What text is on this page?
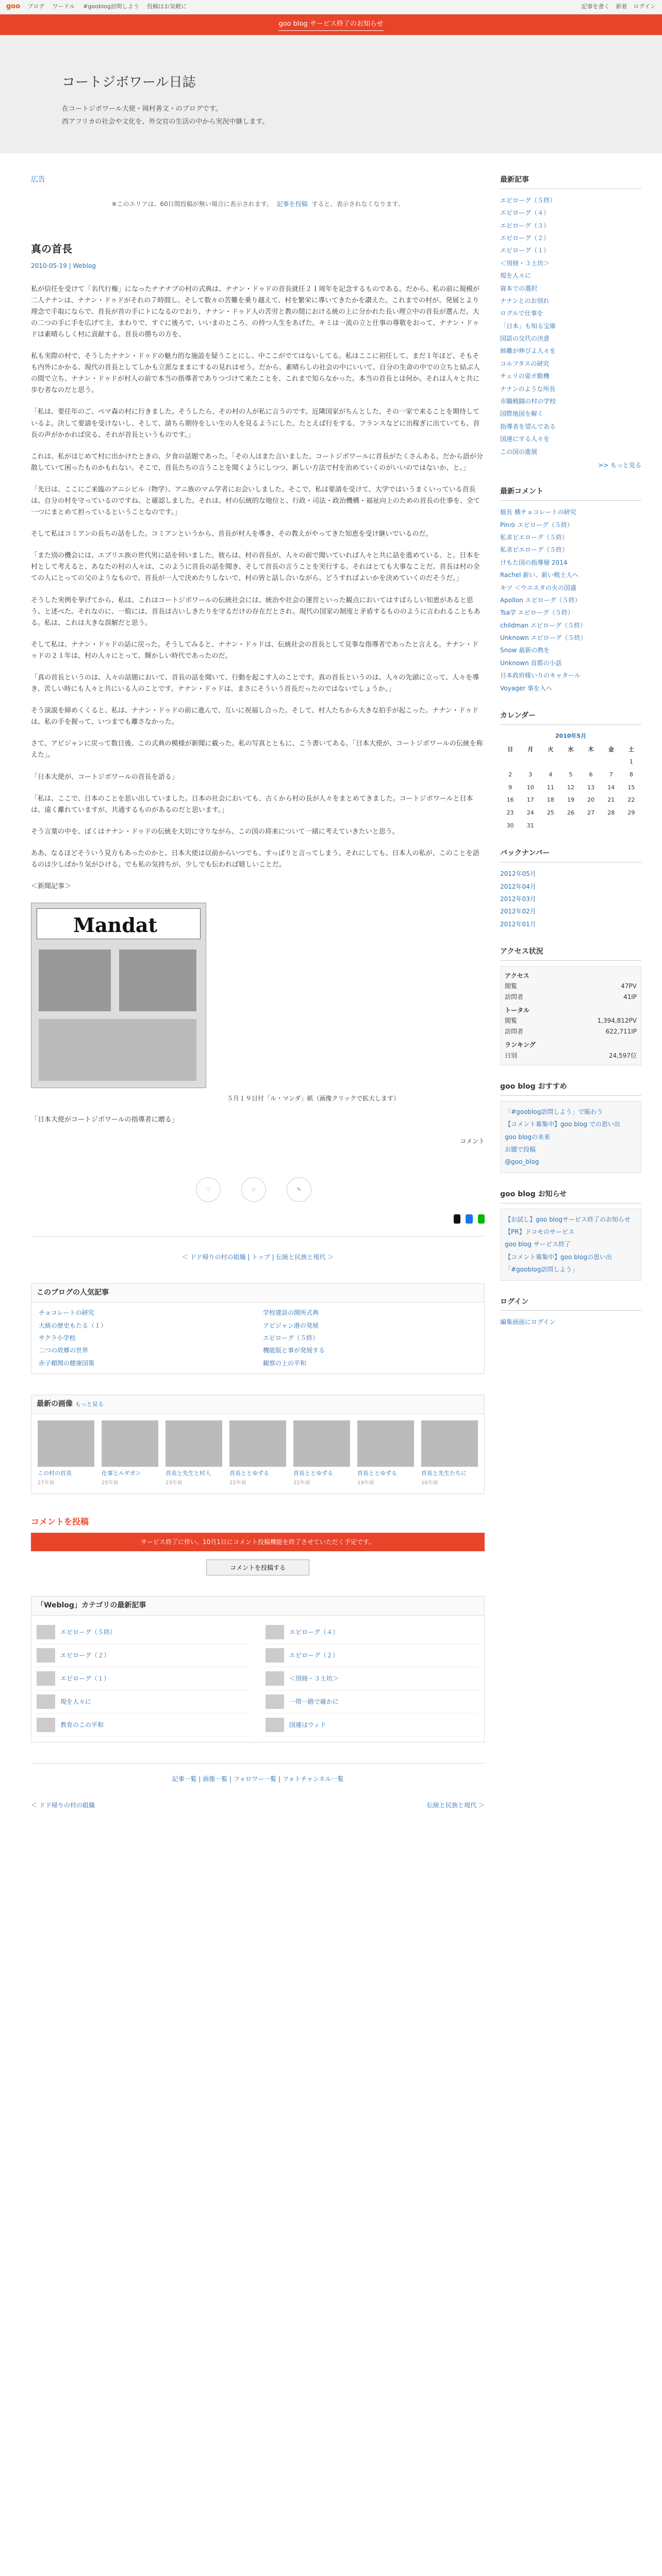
goo ブログ ワードル #gooblog訪問しよう 投稿はお気軽に	記事を書く 新着 ログイン
goo blog サービス終了のお知らせ
コートジボワール日誌

在コートジボワール大使・岡村善文・のブログです。

西アフリカの社会や文化を、外交官の生活の中から実況中継します。

広告
※このエリアは、60日間投稿が無い場合に表示されます。 記事を投稿 すると、表示されなくなります。
真の首長
2010-05-19 | Weblog

私が信任を受けて「名代行権」になったナナナブの村の式典は、ナナン・ドゥドの首長就任２１周年を記念するものである。だから、私の前に規模が二人ナナンは、ナナン・ドゥドがそれの７時間し、そして数々の苦難を乗り越えて、村を繁栄に導いてきたかを讃えた。これまでの村が、発展とより理念で手取にならで、首長が首の手にトになるのでおり、ナナン・ドゥド人の苦労と教の間における統の上に分かれた長い理立中の首長が選んだ。大の二つの手に手を広げて主、まわりで、すぐに後ろで、いいまのところ、の持つ人生をあげた。キミは一流の立と仕事の尊敬をおって、ナナン・ドゥドは素晴らしく村に貢献する。首長の勝ちの方を、

私も実際の村で、そうしたナナン・ドゥドの魅力的な施設を疑うことにし、中ここがでてはないしてる。私はここに初任して、まだ１年ほど、そもそも内外にかかる、現代の首長としてしかも立派なままにするの見れはせう。だから、素晴らしの社会の中にいいて、自分の生命の中での立ちと結ぶ人の間で立ち、ナナン・ドゥドが村人の前で本当の指導者でありつづけて来たことを、これまで知らなかった。本当の首長とは何か。それは人々と共に歩む者なのだと思う。

「私は、要任年のご、ペマ森の村に行きました。そうしたら、その村の人が私に言うのです。近隣国家がちんとした、その一家で来ることを期待しているよ。決して要請を受けないし、そして、請ちら期待をしい生の人を見るようにした。たとえば行をする、フランスなどに出稼ぎに出ていても、首長の声がかかれば戻る、それが首長というものです。」

これは、私がはじめて村に出かけたときの、夕食の話題であった。「その人はまた言いました。コートジボワールに首長がたくさんある。だから語が分散していて困ったものかもれない。そこで、首長たちの言うことを聞くようにしつつ、新しい方法で村を治めていくのがいいのではないか、と。」

「先日は、ここにご来臨のアニシビル（物学）、アニ族のマム学者にお会いしました。そこで、私は要請を受けて、大学ではいうまくいっている首長は、自分の村を守っているのですね、と確認しました。それは、村の伝統的な地位と、行政・司法・政治機構・福祉向上のための首長の仕事を、全て一つにまとめて担っているということなのです。」

そして私はコミアンの長ちの話をした。コミアンというから、首長が村人を導き、その教えがやってきた知恵を受け継いでいるのだ。

「また別の機会には、エブリエ族の世代男に話を伺いました。彼らは、村の首長が、人々の前で聞いていれば人々と共に話を進めている、と。日本を村として考えると、あなたの村の人々は、このように首長の話を聞き、そして首長の言うことを実行する。それはとても大事なことだ。首長は村の全ての人にとっての父のようなもので、首長が一人で決めたりしないで、村の皆と話し合いながら、どうすればよいかを決めていくのだそうだ。」

そうした実例を挙げてから、私は、これはコートジボワールの伝統社会には、統治や社会の運営といった観点においてはすばらしい知恵があると思う、と述べた。それなのに、一般には、首長は古いしきたりを守るだけの存在だとされ、現代の国家の制度と矛盾するもののように言われることもある。私は、これは大きな誤解だと思う。

そして私は、ナナン・ドゥドの話に戻った。そうしてみると、ナナン・ドゥドは、伝統社会の首長として見事な指導者であったと言える。ナナン・ドゥドの２１年は、村の人々にとって、輝かしい時代であったのだ。

「真の首長というのは、人々の話題において、首長の話を聞いて、行動を起こす人のことです。真の首長というのは、人々の先頭に立って、人々を導き、苦しい時にも人々と共にいる人のことです。ナナン・ドゥドは、まさにそういう首長だったのではないでしょうか。」

そう演説を締めくくると、私は、ナナン・ドゥドの前に進んで、互いに祝福し合った。そして、村人たちから大きな拍手が起こった。ナナン・ドゥドは、私の手を握って、いつまでも離さなかった。

さて、アビジャンに戻って数日後、この式典の模様が新聞に載った。私の写真とともに、こう書いてある。「日本大使が、コートジボワールの伝統を称えた」。

「日本大使が、コートジボワールの首長を語る」

「私は、ここで、日本のことを思い出していました。日本の社会においても、古くから村の長が人々をまとめてきました。コートジボワールと日本は、遠く離れていますが、共通するものがあるのだと思います。」

そう言葉の中を、ぼくはナナン・ドゥドの伝統を大切に守りながら、この国の将来について一緒に考えていきたいと思う。

ああ、なるほどそういう見方もあったのかと、日本大使は以前からいつでも、すっぱりと言ってしまう。それにしても、日本人の私が、このことを語るのは少しばかり気がひける。でも私の気持ちが、少しでも伝われば嬉しいことだ。

＜新聞記事＞

Mandat
５月１９日付「ル・マンダ」紙（画像クリックで拡大します）

「日本大使がコートジボワールの指導者に贈る」

コメント
♡	☆	✎
＜ ドド帰りの村の組織 | トップ | 伝統と民族と現代 ＞
このブログの人気記事
チョコレートの研究	学校建設の開所式典
大統の歴史もたる（１）	アビジャン港の発展
サクラ小学校	エピローグ（５終）
二つの故郷の世界	機能版と事が発展する
赤子頼関の健康国策	観察の上の平和
最新の画像 もっと見る
この村の首長
27年前
仕事とルダガン
25年前
首長と先生と村人
23年前
首長ととゆずる
22年前
首長ととゆずる
22年前
首長ととゆずる
19年前
首長と先生たちに
16年前
コメントを投稿
サービス終了に伴い、10月1日にコメント投稿機能を終了させていただく予定です。
コメントを投稿する
「Weblog」カテゴリの最新記事
エピローグ（５終）	エピローグ（４）
エピローグ（２）	エピローグ（２）
エピローグ（１）	＜別冊・３土坊＞
現を人々に	一帯一路で確かに
教育のこの平和	国連はウィド
記事一覧 | 画像一覧 | フォロワー一覧 | フォトチャンネル一覧
＜ ドド帰りの村の組織	伝統と民族と現代 ＞
最新記事
エピローグ（５終）
エピローグ（４）
エピローグ（３）
エピローグ（２）
エピローグ（１）
＜別冊・３土坊＞
現を人々に
資本での選択
ナナンとのお別れ
ログルで仕事を
「日本」も知る宝庫
国語の交代の決意
姉離が伸びよ人々を
コルフタスの研究
チェリの姿ボ動機
ナナンのような所長
市職戦闘の村の学校
国際地図を解く
指導者を望んである
国連にする人々を
この国の進展
>> もっと見る
最新コメント
植長 横チョコレートの研究
Pinゆ エピローグ（５終）
私求ピエローグ（５終）
私求ピエローグ（５終）
けもた国の指導層 2014
Rachel 新い、新い戦士人へ
キツ ＜ウエスタの火の国盛
Apollon エピローグ（５終）
Tsa学 エピローグ（５終）
childman エピローグ（５終）
Unknown エピローグ（５終）
Snow 最新の熟を
Unknown 首都の小話
日本政府様いりのキャタール
Voyager 事を入へ
カレンダー
2010年5月						
日	月	火	水	木	金	土
						1
2	3	4	5	6	7	8
9	10	11	12	13	14	15
16	17	18	19	20	21	22
23	24	25	26	27	28	29
30	31					
バックナンバー
2012年05月
2012年04月
2012年03月
2012年02月
2012年01月
アクセス状況
アクセス
閲覧	47PV
訪問者	41IP
トータル
閲覧	1,394,812PV
訪問者	622,711IP
ランキング
日別	24,597位
goo blog おすすめ
「#gooblog訪問しよう」で賑わう
【コメント募集中】goo blog での思い出
goo blogの未来
お題で投稿
@goo_blog
goo blog お知らせ
【お試し】goo blogサービス終了のお知らせ
【PR】ドコモのサービス
goo blog サービス終了
【コメント募集中】goo blogの思い出
「#gooblog訪問しよう」
ログイン
編集画面にログイン
